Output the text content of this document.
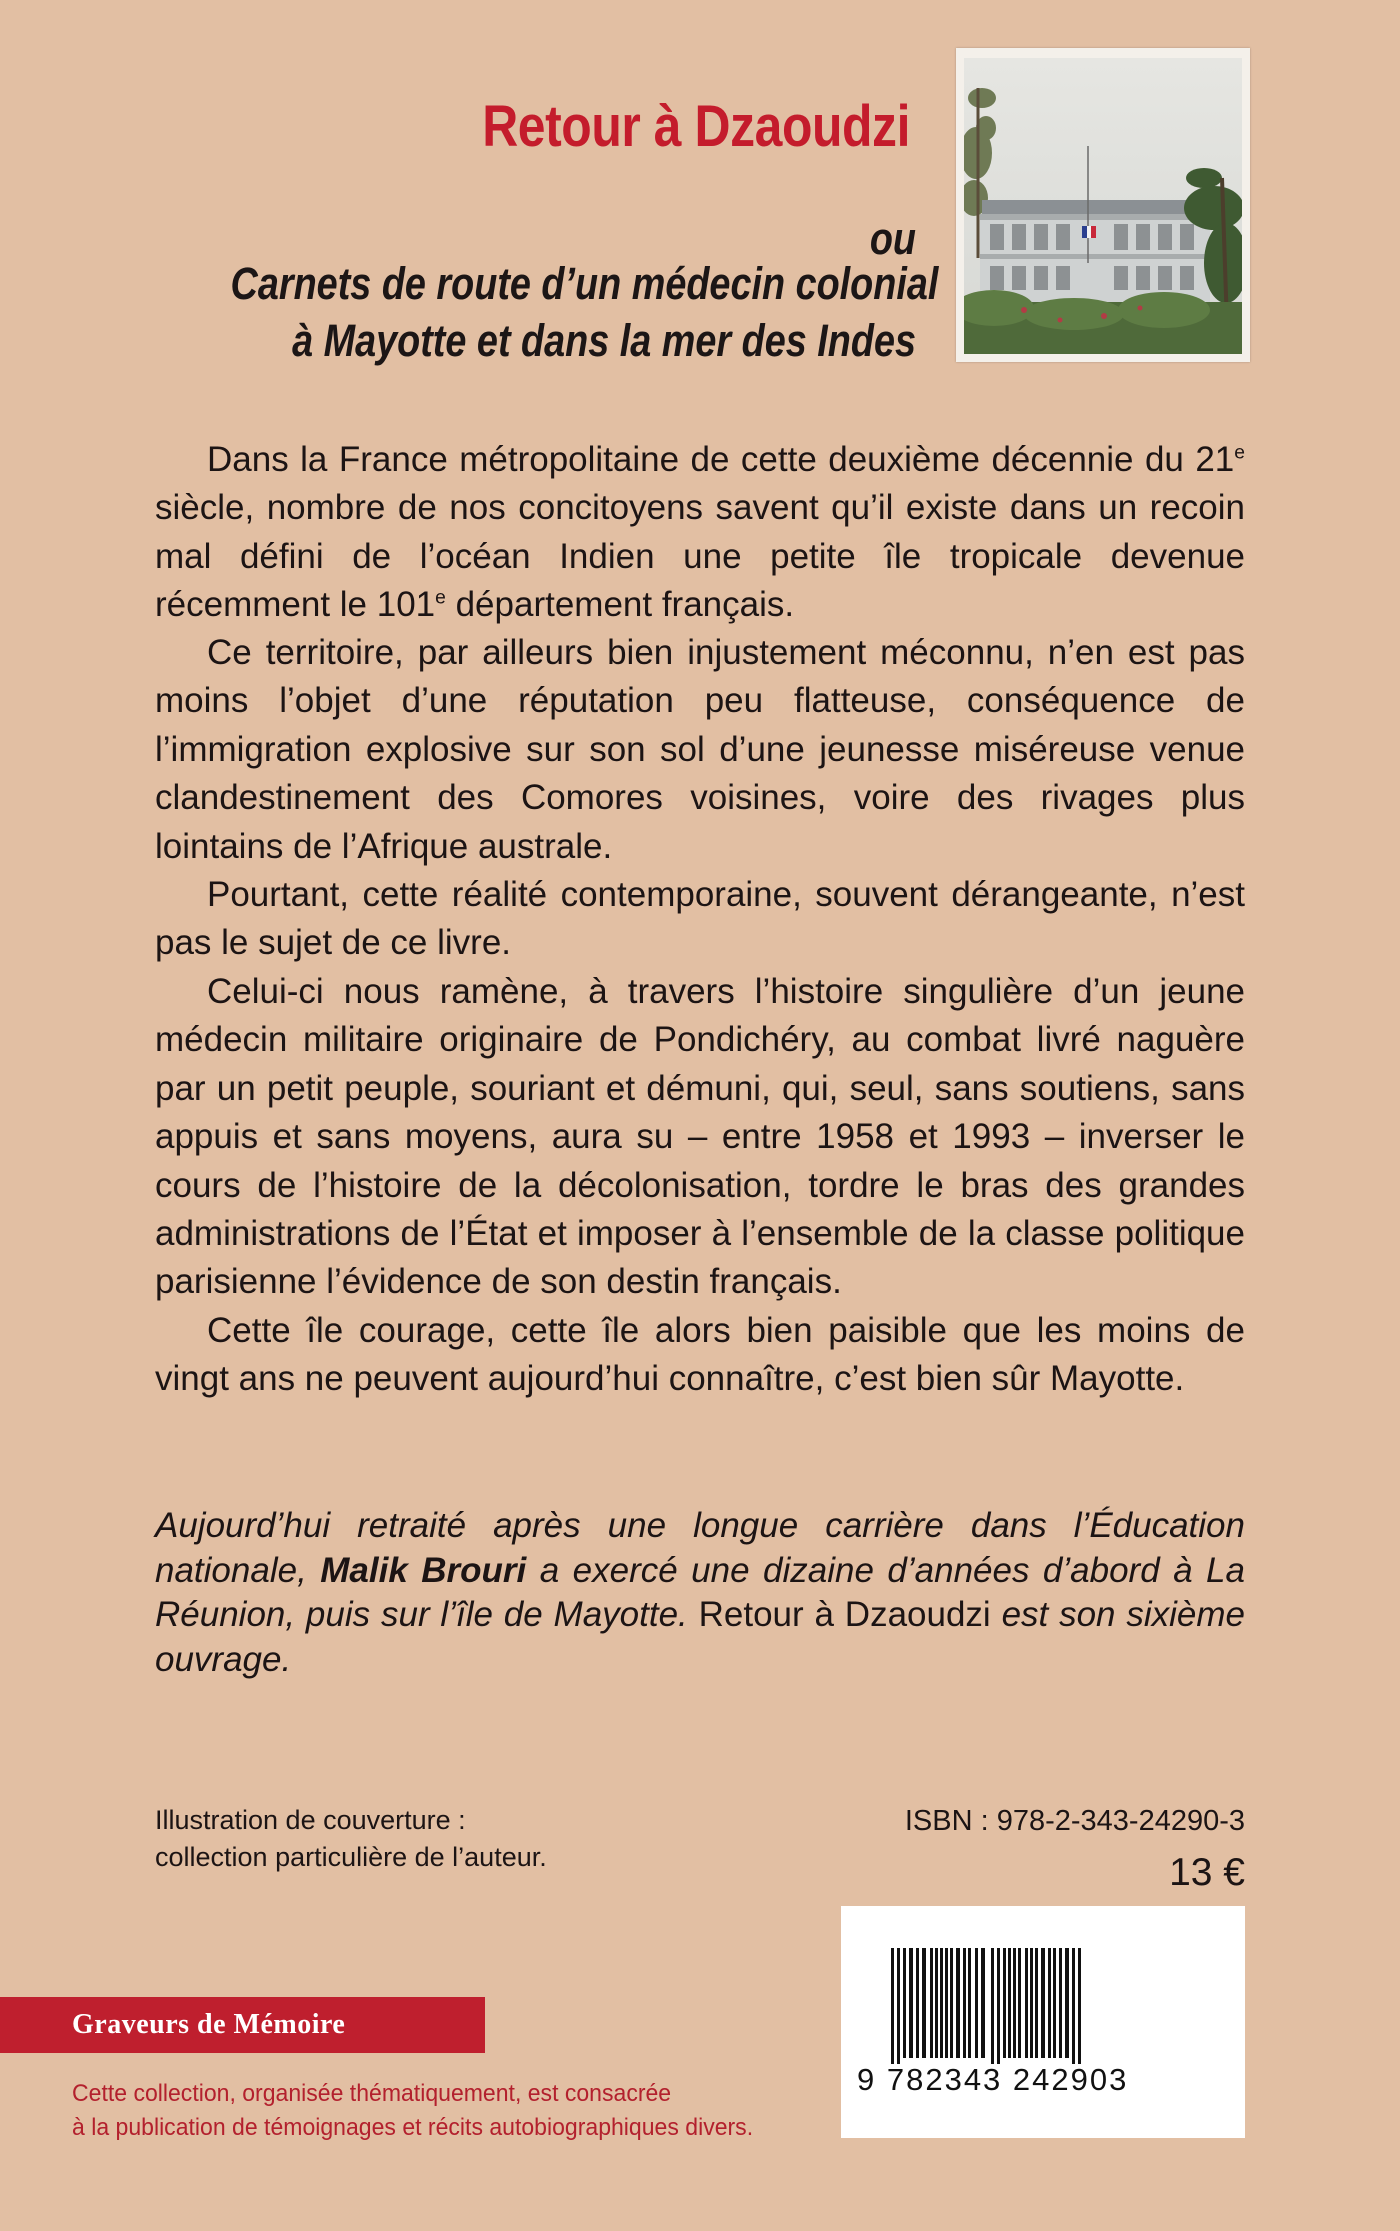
Retour à Dzaoudzi
ou
Carnets de route d’un médecin colonial
à Mayotte et dans la mer des Indes
Dans la France métropolitaine de cette deuxième décennie du 21e siècle, nombre de nos concitoyens savent qu’il existe dans un recoin mal défini de l’océan Indien une petite île tropicale devenue récemment le 101e département français.
Ce territoire, par ailleurs bien injustement méconnu, n’en est pas moins l’objet d’une réputation peu flatteuse, conséquence de l’immigration explosive sur son sol d’une jeunesse miséreuse venue clandestinement des Comores voisines, voire des rivages plus lointains de l’Afrique australe.
Pourtant, cette réalité contemporaine, souvent dérangeante, n’est pas le sujet de ce livre.
Celui-ci nous ramène, à travers l’histoire singulière d’un jeune médecin militaire originaire de Pondichéry, au combat livré naguère par un petit peuple, souriant et démuni, qui, seul, sans soutiens, sans appuis et sans moyens, aura su – entre 1958 et 1993 – inverser le cours de l’histoire de la décolonisation, tordre le bras des grandes administrations de l’État et imposer à l’ensemble de la classe politique parisienne l’évidence de son destin français.
Cette île courage, cette île alors bien paisible que les moins de vingt ans ne peuvent aujourd’hui connaître, c’est bien sûr Mayotte.
Aujourd’hui retraité après une longue carrière dans l’Éducation nationale, Malik Brouri a exercé une dizaine d’années d’abord à La Réunion, puis sur l’île de Mayotte. Retour à Dzaoudzi est son sixième ouvrage.
Illustration de couverture :
collection particulière de l’auteur.
ISBN : 978-2-343-24290-3
13 €
9 782343 242903
Graveurs de Mémoire
Cette collection, organisée thématiquement, est consacrée
à la publication de témoignages et récits autobiographiques divers.
